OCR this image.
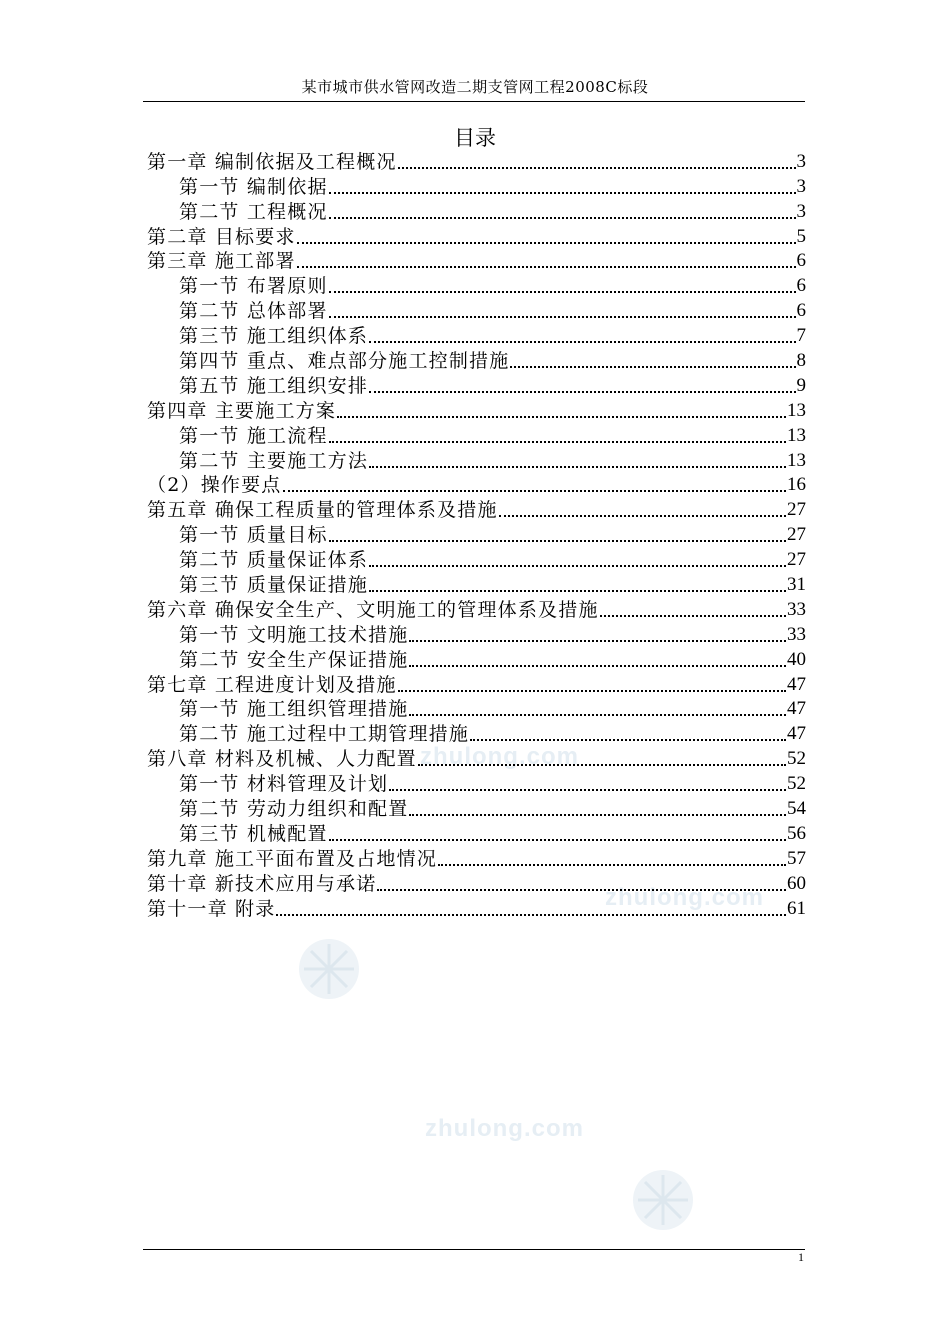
某市城市供水管网改造二期支管网工程2008C标段
zhulong.com
zhulong.com
zhulong.com
目录
第一章 编制依据及工程概况	3
第一节 编制依据	3
第二节 工程概况	3
第二章 目标要求	5
第三章 施工部署	6
第一节 布署原则	6
第二节 总体部署	6
第三节 施工组织体系	7
第四节 重点、难点部分施工控制措施	8
第五节 施工组织安排	9
第四章 主要施工方案	13
第一节 施工流程	13
第二节 主要施工方法	13
（2）操作要点	16
第五章 确保工程质量的管理体系及措施	27
第一节 质量目标	27
第二节 质量保证体系	27
第三节 质量保证措施	31
第六章 确保安全生产、文明施工的管理体系及措施	33
第一节 文明施工技术措施	33
第二节 安全生产保证措施	40
第七章 工程进度计划及措施	47
第一节 施工组织管理措施	47
第二节 施工过程中工期管理措施	47
第八章 材料及机械、人力配置	52
第一节 材料管理及计划	52
第二节 劳动力组织和配置	54
第三节 机械配置	56
第九章 施工平面布置及占地情况	57
第十章 新技术应用与承诺	60
第十一章 附录	61
1
